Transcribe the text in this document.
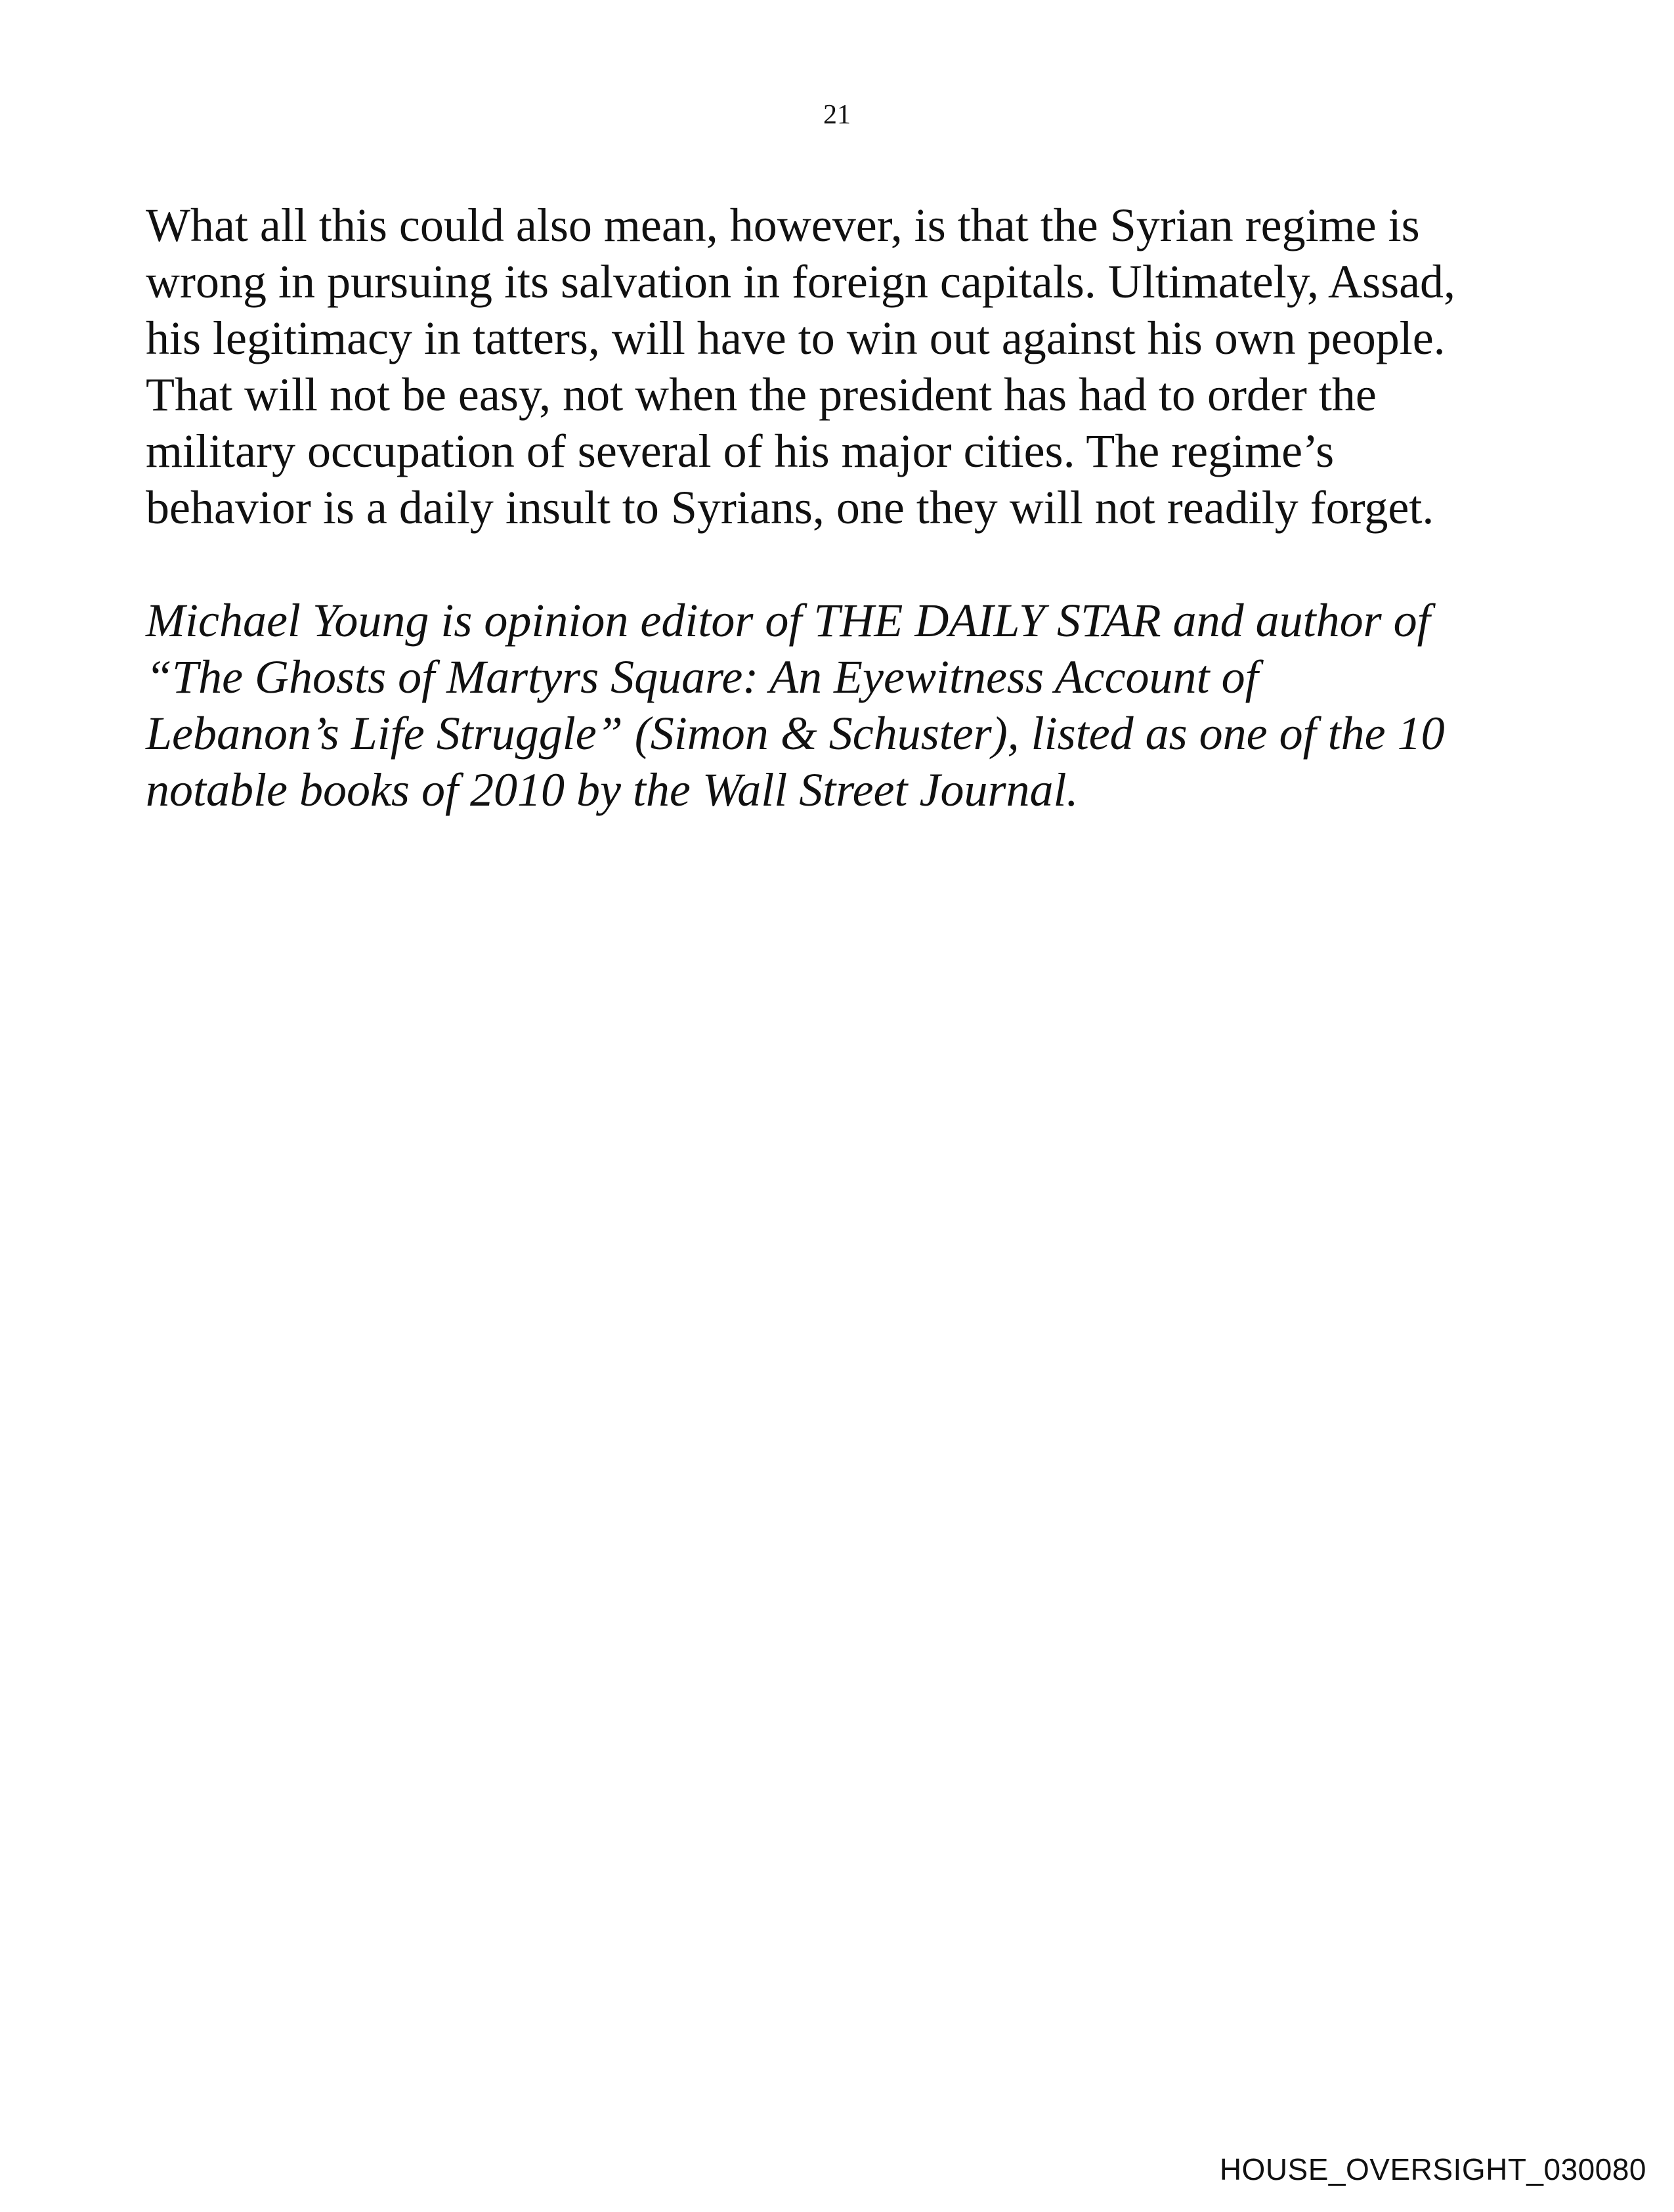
21

What all this could also mean, however, is that the Syrian regime is
wrong in pursuing its salvation in foreign capitals. Ultimately, Assad,
his legitimacy in tatters, will have to win out against his own people.
That will not be easy, not when the president has had to order the
military occupation of several of his major cities. The regime’s
behavior is a daily insult to Syrians, one they will not readily forget.

Michael Young is opinion editor of THE DAILY STAR and author of
“The Ghosts of Martyrs Square: An Eyewitness Account of
Lebanon’s Life Struggle” (Simon & Schuster), listed as one of the 10
notable books of 2010 by the Wall Street Journal.

HOUSE_OVERSIGHT_030080
